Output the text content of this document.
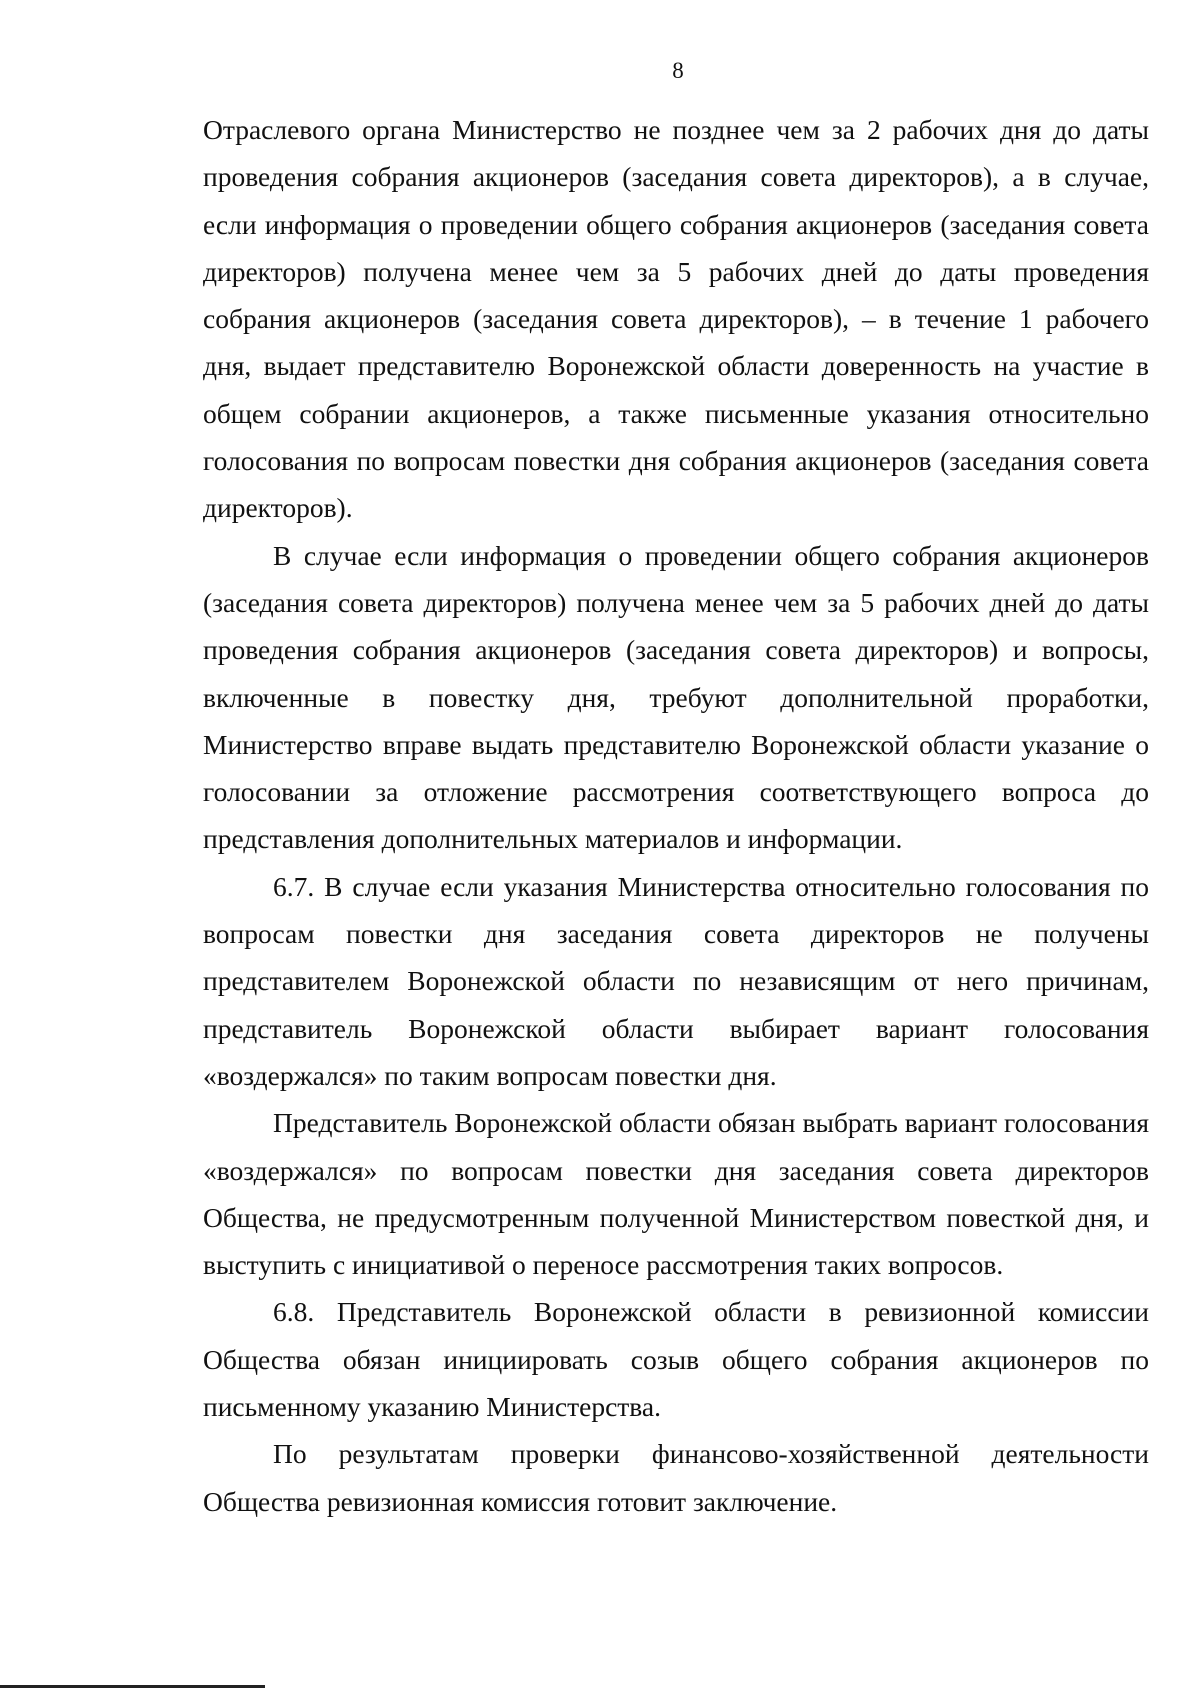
8

Отраслевого органа Министерство не позднее чем за 2 рабочих дня до даты проведения собрания акционеров (заседания совета директоров), а в случае, если информация о проведении общего собрания акционеров (заседания совета директоров) получена менее чем за 5 рабочих дней до даты проведения собрания акционеров (заседания совета директоров), – в течение 1 рабочего дня, выдает представителю Воронежской области доверенность на участие в общем собрании акционеров, а также письменные указания относительно голосования по вопросам повестки дня собрания акционеров (заседания совета директоров).

В случае если информация о проведении общего собрания акционеров (заседания совета директоров) получена менее чем за 5 рабочих дней до даты проведения собрания акционеров (заседания совета директоров) и вопросы, включенные в повестку дня, требуют дополнительной проработки, Министерство вправе выдать представителю Воронежской области указание о голосовании за отложение рассмотрения соответствующего вопроса до представления дополнительных материалов и информации.

6.7. В случае если указания Министерства относительно голосования по вопросам повестки дня заседания совета директоров не получены представителем Воронежской области по независящим от него причинам, представитель Воронежской области выбирает вариант голосования «воздержался» по таким вопросам повестки дня.

Представитель Воронежской области обязан выбрать вариант голосования «воздержался» по вопросам повестки дня заседания совета директоров Общества, не предусмотренным полученной Министерством повесткой дня, и выступить с инициативой о переносе рассмотрения таких вопросов.

6.8. Представитель Воронежской области в ревизионной комиссии Общества обязан инициировать созыв общего собрания акционеров по письменному указанию Министерства.

По результатам проверки финансово-хозяйственной деятельности Общества ревизионная комиссия готовит заключение.
